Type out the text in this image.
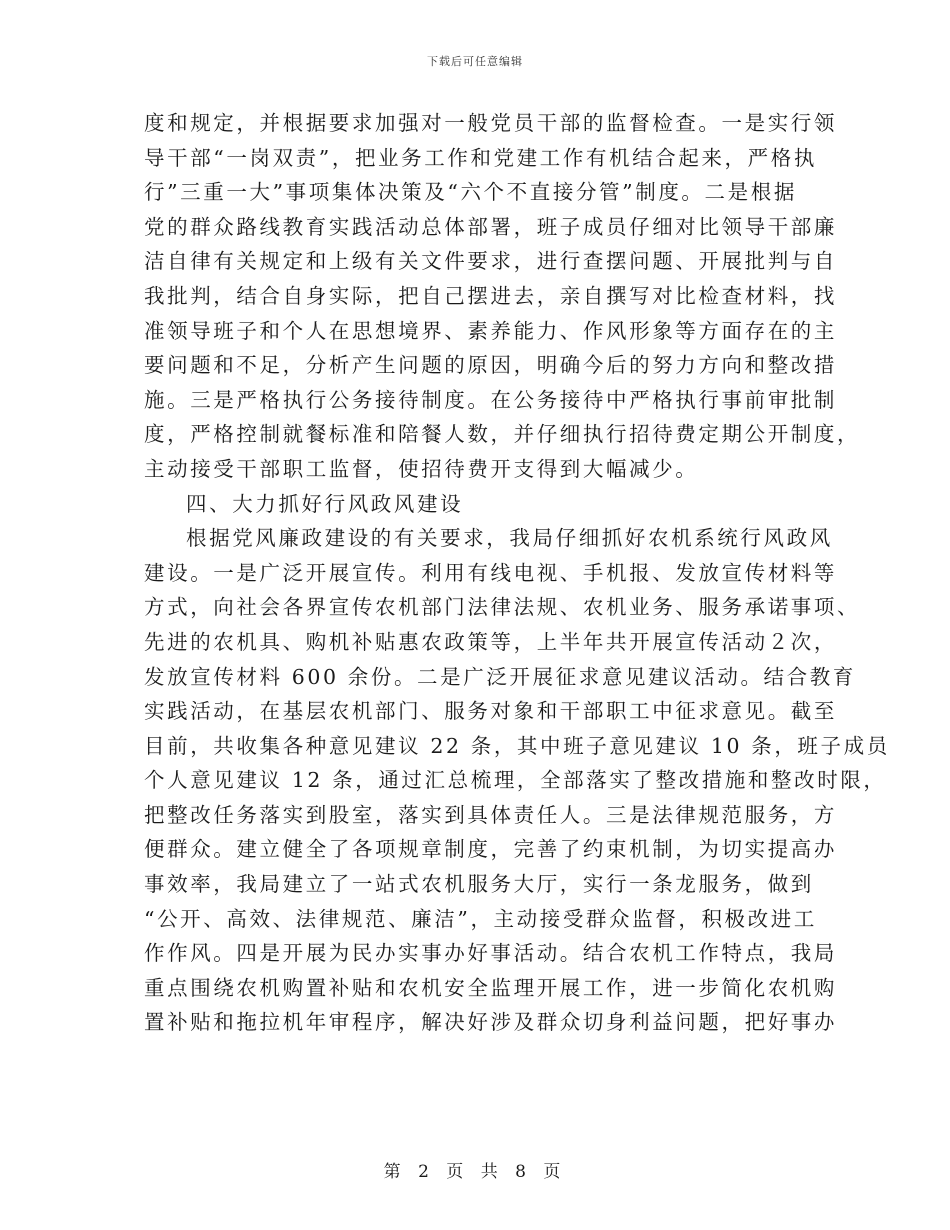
下载后可任意编辑
度和规定，并根据要求加强对一般党员干部的监督检查。一是实行领
导干部“一岗双责”，把业务工作和党建工作有机结合起来，严格执
行”三重一大”事项集体决策及“六个不直接分管”制度。二是根据
党的群众路线教育实践活动总体部署，班子成员仔细对比领导干部廉
洁自律有关规定和上级有关文件要求，进行查摆问题、开展批判与自
我批判，结合自身实际，把自己摆进去，亲自撰写对比检查材料，找
准领导班子和个人在思想境界、素养能力、作风形象等方面存在的主
要问题和不足，分析产生问题的原因，明确今后的努力方向和整改措
施。三是严格执行公务接待制度。在公务接待中严格执行事前审批制
度，严格控制就餐标准和陪餐人数，并仔细执行招待费定期公开制度，
主动接受干部职工监督，使招待费开支得到大幅减少。
四、大力抓好行风政风建设
根据党风廉政建设的有关要求，我局仔细抓好农机系统行风政风
建设。一是广泛开展宣传。利用有线电视、手机报、发放宣传材料等
方式，向社会各界宣传农机部门法律法规、农机业务、服务承诺事项、
先进的农机具、购机补贴惠农政策等，上半年共开展宣传活动２次，
发放宣传材料 600 余份。二是广泛开展征求意见建议活动。结合教育
实践活动，在基层农机部门、服务对象和干部职工中征求意见。截至
目前，共收集各种意见建议 22 条，其中班子意见建议 10 条，班子成员
个人意见建议 12 条，通过汇总梳理，全部落实了整改措施和整改时限，
把整改任务落实到股室，落实到具体责任人。三是法律规范服务，方
便群众。建立健全了各项规章制度，完善了约束机制，为切实提高办
事效率，我局建立了一站式农机服务大厅，实行一条龙服务，做到
“公开、高效、法律规范、廉洁”，主动接受群众监督，积极改进工
作作风。四是开展为民办实事办好事活动。结合农机工作特点，我局
重点围绕农机购置补贴和农机安全监理开展工作，进一步简化农机购
置补贴和拖拉机年审程序，解决好涉及群众切身利益问题，把好事办
第 2 页 共 8 页
